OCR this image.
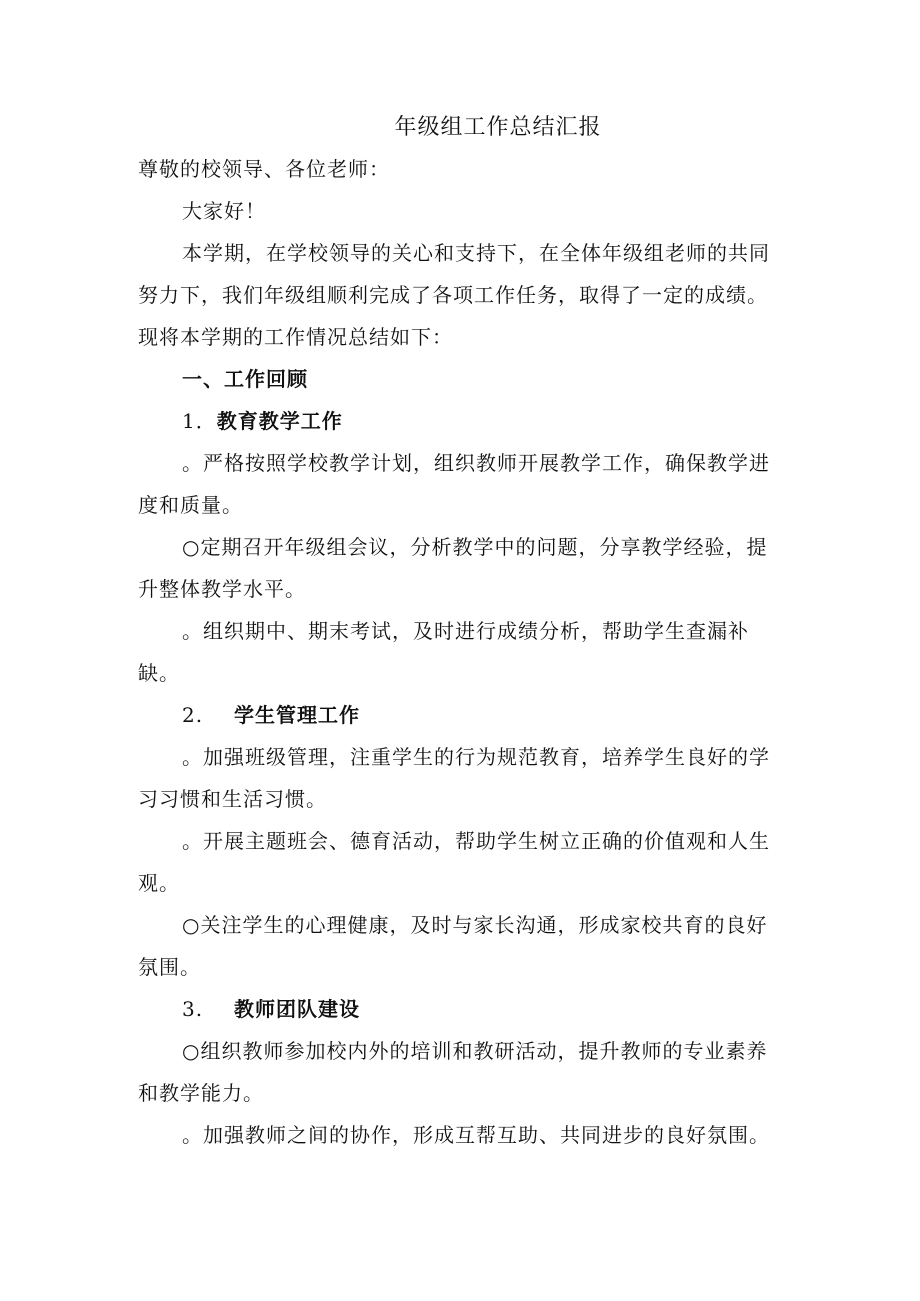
年级组工作总结汇报

尊敬的校领导、各位老师：

大家好！

本学期，在学校领导的关心和支持下，在全体年级组老师的共同努力下，我们年级组顺利完成了各项工作任务，取得了一定的成绩。现将本学期的工作情况总结如下：

一、工作回顾

1．教育教学工作

。严格按照学校教学计划，组织教师开展教学工作，确保教学进度和质量。

○定期召开年级组会议，分析教学中的问题，分享教学经验，提升整体教学水平。

。组织期中、期末考试，及时进行成绩分析，帮助学生查漏补缺。

2. 学生管理工作

。加强班级管理，注重学生的行为规范教育，培养学生良好的学习习惯和生活习惯。

。开展主题班会、德育活动，帮助学生树立正确的价值观和人生观。

○关注学生的心理健康，及时与家长沟通，形成家校共育的良好氛围。

3. 教师团队建设

○组织教师参加校内外的培训和教研活动，提升教师的专业素养和教学能力。

。加强教师之间的协作，形成互帮互助、共同进步的良好氛围。
